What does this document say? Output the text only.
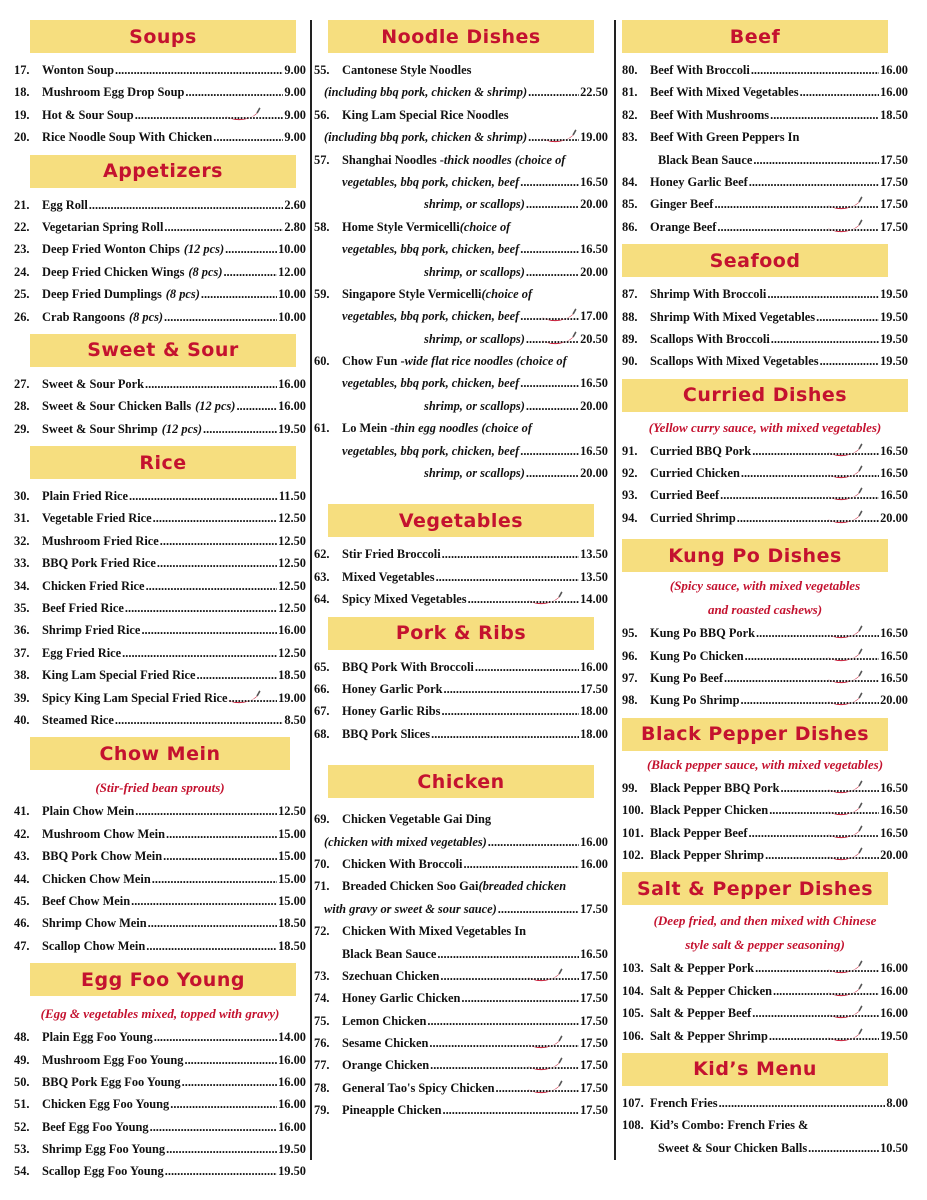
Soups
17.	Wonton Soup .....	9.00
18.	Mushroom Egg Drop Soup .....	9.00
19.	Hot & Sour Soup .....	9.00
20.	Rice Noodle Soup With Chicken .....	9.00
Appetizers
21.	Egg Roll .....	2.60
22.	Vegetarian Spring Roll .....	2.80
23.	Deep Fried Wonton Chips (12 pcs) .....	10.00
24.	Deep Fried Chicken Wings (8 pcs) .....	12.00
25.	Deep Fried Dumplings (8 pcs) .....	10.00
26.	Crab Rangoons (8 pcs) .....	10.00
Sweet & Sour
27.	Sweet & Sour Pork .....	16.00
28.	Sweet & Sour Chicken Balls (12 pcs) .....	16.00
29.	Sweet & Sour Shrimp (12 pcs) .....	19.50
Rice
30.	Plain Fried Rice .....	11.50
31.	Vegetable Fried Rice .....	12.50
32.	Mushroom Fried Rice .....	12.50
33.	BBQ Pork Fried Rice .....	12.50
34.	Chicken Fried Rice .....	12.50
35.	Beef Fried Rice .....	12.50
36.	Shrimp Fried Rice .....	16.00
37.	Egg Fried Rice .....	12.50
38.	King Lam Special Fried Rice .....	18.50
39.	Spicy King Lam Special Fried Rice .....	19.00
40.	Steamed Rice .....	8.50
Chow Mein
(Stir-fried bean sprouts)
41.	Plain Chow Mein .....	12.50
42.	Mushroom Chow Mein .....	15.00
43.	BBQ Pork Chow Mein .....	15.00
44.	Chicken Chow Mein .....	15.00
45.	Beef Chow Mein .....	15.00
46.	Shrimp Chow Mein .....	18.50
47.	Scallop Chow Mein .....	18.50
Egg Foo Young
(Egg & vegetables mixed, topped with gravy)
48.	Plain Egg Foo Young .....	14.00
49.	Mushroom Egg Foo Young .....	16.00
50.	BBQ Pork Egg Foo Young .....	16.00
51.	Chicken Egg Foo Young .....	16.00
52.	Beef Egg Foo Young .....	16.00
53.	Shrimp Egg Foo Young .....	19.50
54.	Scallop Egg Foo Young .....	19.50
Noodle Dishes
55.	Cantonese Style Noodles
(including bbq pork, chicken & shrimp) .....	22.50
56.	King Lam Special Rice Noodles
(including bbq pork, chicken & shrimp) .....	19.00
57.	Shanghai Noodles - thick noodles (choice of
vegetables, bbq pork, chicken, beef .....	16.50
shrimp, or scallops) .....	20.00
58.	Home Style Vermicelli (choice of
vegetables, bbq pork, chicken, beef .....	16.50
shrimp, or scallops) .....	20.00
59.	Singapore Style Vermicelli (choice of
vegetables, bbq pork, chicken, beef .....	17.00
shrimp, or scallops) .....	20.50
60.	Chow Fun - wide flat rice noodles (choice of
vegetables, bbq pork, chicken, beef .....	16.50
shrimp, or scallops) .....	20.00
61.	Lo Mein - thin egg noodles (choice of
vegetables, bbq pork, chicken, beef .....	16.50
shrimp, or scallops) .....	20.00
Vegetables
62.	Stir Fried Broccoli .....	13.50
63.	Mixed Vegetables .....	13.50
64.	Spicy Mixed Vegetables .....	14.00
Pork & Ribs
65.	BBQ Pork With Broccoli .....	16.00
66.	Honey Garlic Pork .....	17.50
67.	Honey Garlic Ribs .....	18.00
68.	BBQ Pork Slices .....	18.00
Chicken
69.	Chicken Vegetable Gai Ding
(chicken with mixed vegetables) .....	16.00
70.	Chicken With Broccoli .....	16.00
71.	Breaded Chicken Soo Gai (breaded chicken
with gravy or sweet & sour sauce) .....	17.50
72.	Chicken With Mixed Vegetables In
Black Bean Sauce .....	16.50
73.	Szechuan Chicken .....	17.50
74.	Honey Garlic Chicken .....	17.50
75.	Lemon Chicken .....	17.50
76.	Sesame Chicken .....	17.50
77.	Orange Chicken .....	17.50
78.	General Tao's Spicy Chicken .....	17.50
79.	Pineapple Chicken .....	17.50
Beef
80.	Beef With Broccoli .....	16.00
81.	Beef With Mixed Vegetables .....	16.00
82.	Beef With Mushrooms .....	18.50
83.	Beef With Green Peppers In
Black Bean Sauce .....	17.50
84.	Honey Garlic Beef .....	17.50
85.	Ginger Beef .....	17.50
86.	Orange Beef .....	17.50
Seafood
87.	Shrimp With Broccoli .....	19.50
88.	Shrimp With Mixed Vegetables .....	19.50
89.	Scallops With Broccoli .....	19.50
90.	Scallops With Mixed Vegetables .....	19.50
Curried Dishes
(Yellow curry sauce, with mixed vegetables)
91.	Curried BBQ Pork .....	16.50
92.	Curried Chicken .....	16.50
93.	Curried Beef .....	16.50
94.	Curried Shrimp .....	20.00
Kung Po Dishes
(Spicy sauce, with mixed vegetables
and roasted cashews)
95.	Kung Po BBQ Pork .....	16.50
96.	Kung Po Chicken .....	16.50
97.	Kung Po Beef .....	16.50
98.	Kung Po Shrimp .....	20.00
Black Pepper Dishes
(Black pepper sauce, with mixed vegetables)
99.	Black Pepper BBQ Pork .....	16.50
100. Black Pepper Chicken .....	16.50
101. Black Pepper Beef .....	16.50
102. Black Pepper Shrimp .....	20.00
Salt & Pepper Dishes
(Deep fried, and then mixed with Chinese
style salt & pepper seasoning)
103. Salt & Pepper Pork .....	16.00
104. Salt & Pepper Chicken .....	16.00
105. Salt & Pepper Beef .....	16.00
106. Salt & Pepper Shrimp .....	19.50
Kid’s Menu
107. French Fries .....	8.00
108. Kid’s Combo: French Fries &
Sweet & Sour Chicken Balls .....	10.50
